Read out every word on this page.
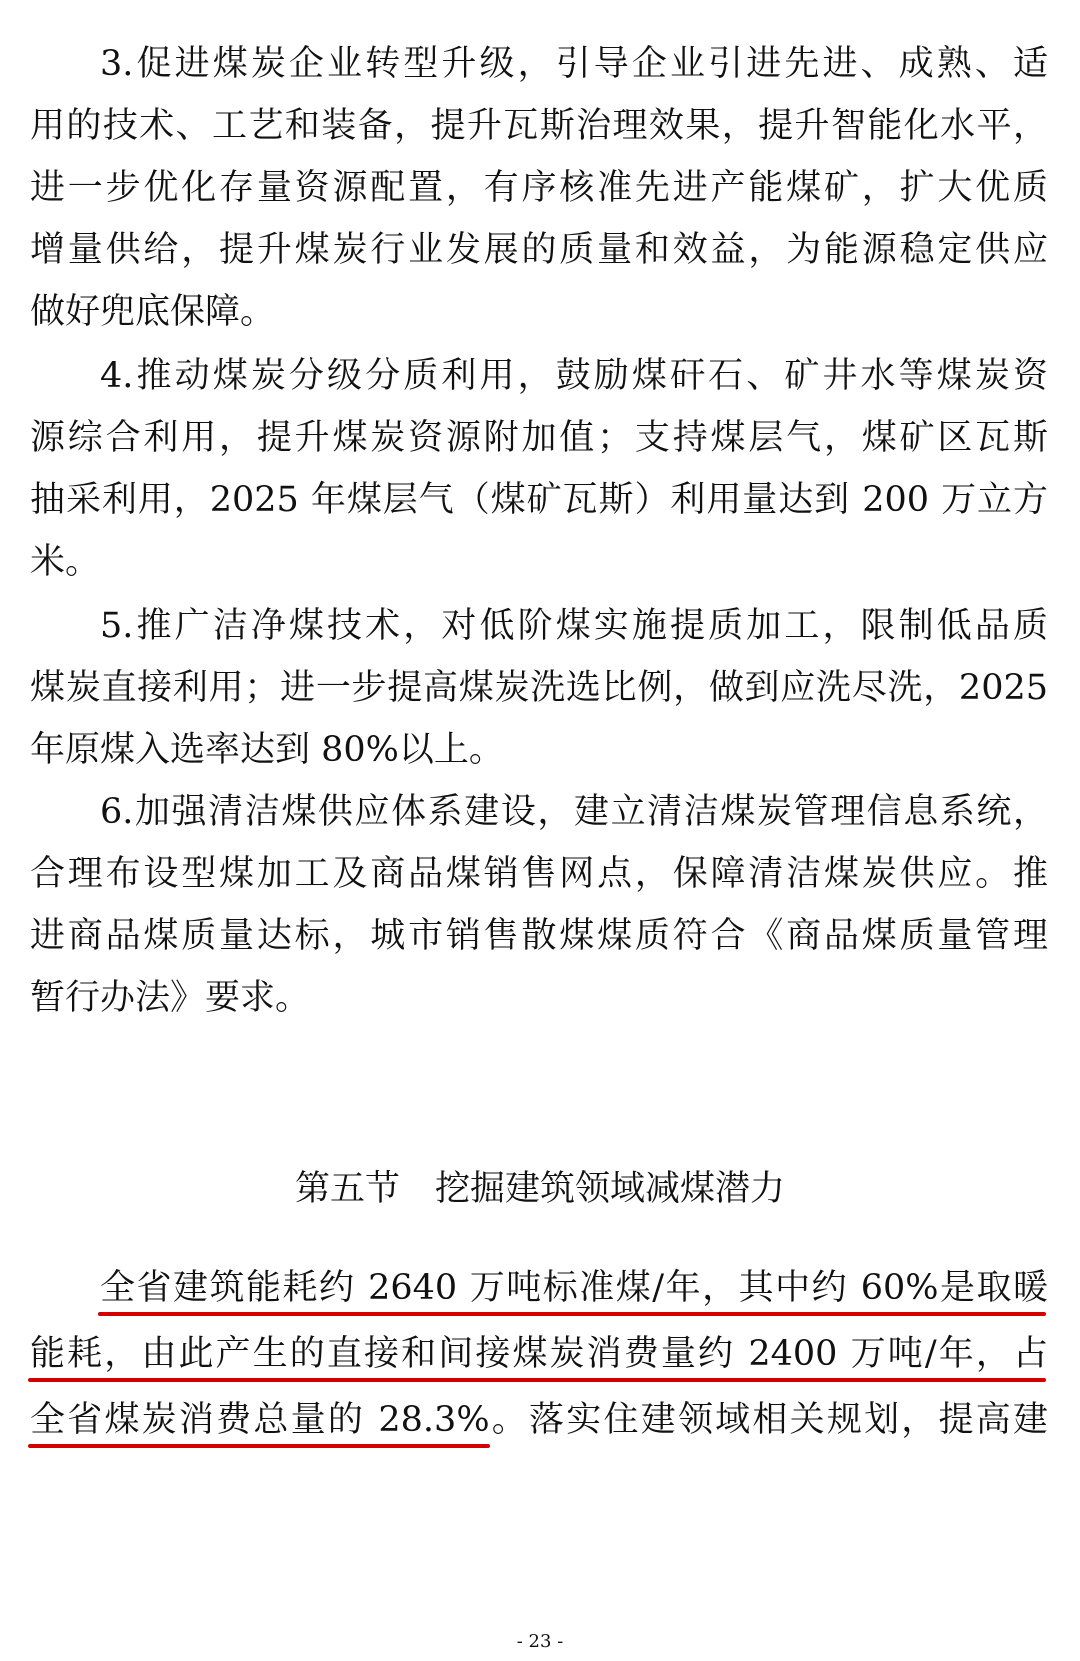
3.促进煤炭企业转型升级，引导企业引进先进、成熟、适
用的技术、工艺和装备，提升瓦斯治理效果，提升智能化水平，
进一步优化存量资源配置，有序核准先进产能煤矿，扩大优质
增量供给，提升煤炭行业发展的质量和效益，为能源稳定供应
做好兜底保障。
4.推动煤炭分级分质利用，鼓励煤矸石、矿井水等煤炭资
源综合利用，提升煤炭资源附加值；支持煤层气，煤矿区瓦斯
抽采利用，2025 年煤层气（煤矿瓦斯）利用量达到 200 万立方
米。
5.推广洁净煤技术，对低阶煤实施提质加工，限制低品质
煤炭直接利用；进一步提高煤炭洗选比例，做到应洗尽洗，2025
年原煤入选率达到 80%以上。
6.加强清洁煤供应体系建设，建立清洁煤炭管理信息系统，
合理布设型煤加工及商品煤销售网点，保障清洁煤炭供应。推
进商品煤质量达标，城市销售散煤煤质符合《商品煤质量管理
暂行办法》要求。
第五节　挖掘建筑领域减煤潜力
全省建筑能耗约 2640 万吨标准煤/年，其中约 60%是取暖
能耗，由此产生的直接和间接煤炭消费量约 2400 万吨/年，占
全省煤炭消费总量的 28.3%。落实住建领域相关规划，提高建
- 23 -
